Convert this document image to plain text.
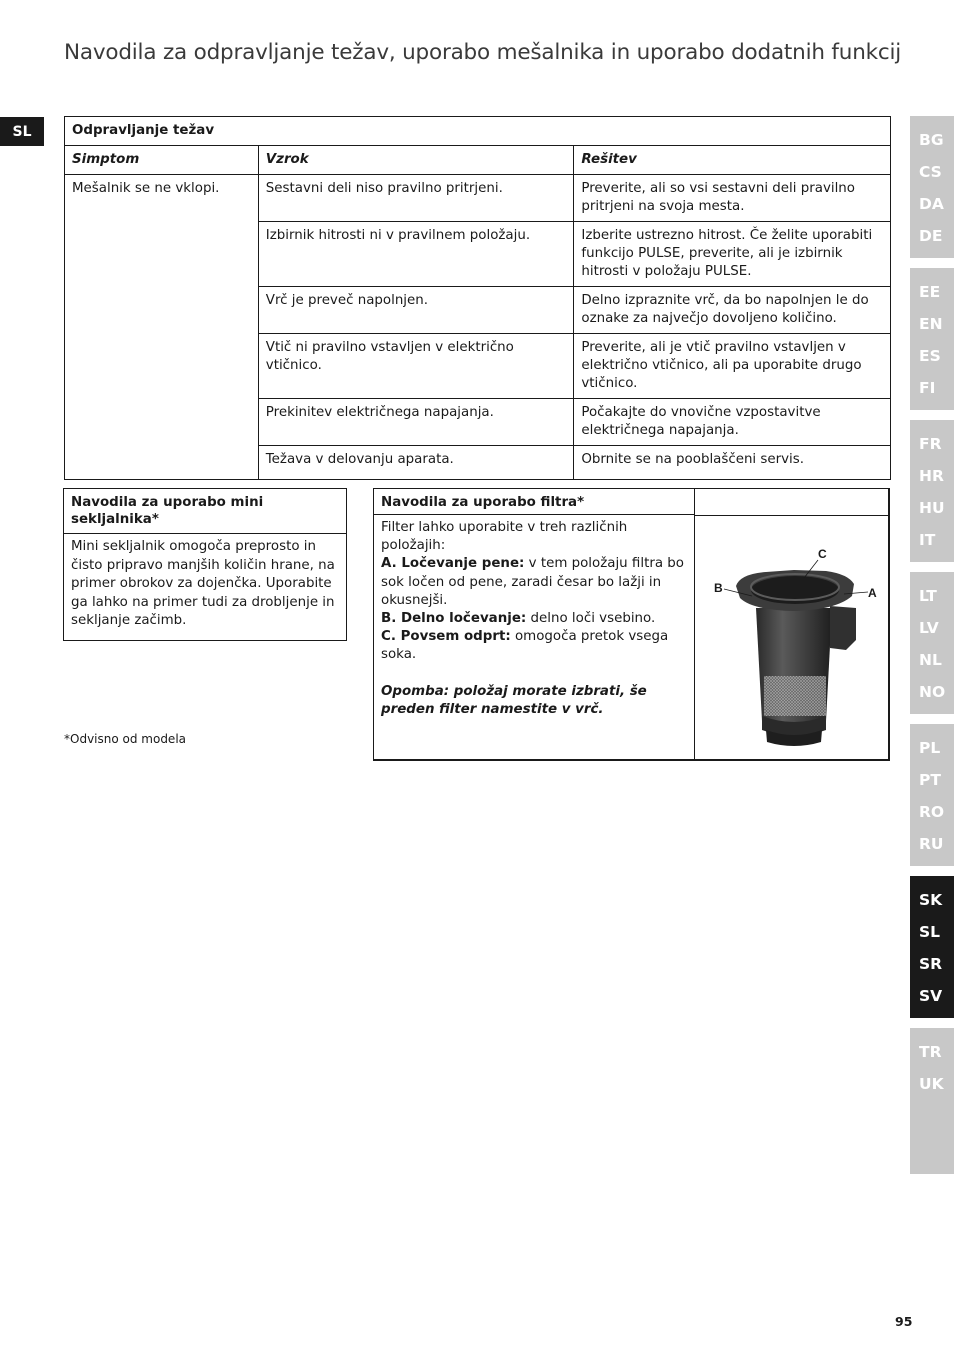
Navodila za odpravljanje težav, uporabo mešalnika in uporabo dodatnih funkcij
SL	Odpravljanje težav		
Simptom	Vzrok	Rešitev
Mešalnik se ne vklopi.	Sestavni deli niso pravilno pritrjeni.	Preverite, ali so vsi sestavni deli pravilno pritrjeni na svoja mesta.
	Izbirnik hitrosti ni v pravilnem položaju.	Izberite ustrezno hitrost. Če želite uporabiti funkcijo PULSE, preverite, ali je izbirnik hitrosti v položaju PULSE.
	Vrč je preveč napolnjen.	Delno izpraznite vrč, da bo napolnjen le do oznake za največjo dovoljeno količino.
	Vtič ni pravilno vstavljen v električno vtičnico.	Preverite, ali je vtič pravilno vstavljen v električno vtičnico, ali pa uporabite drugo vtičnico.
	Prekinitev električnega napajanja.	Počakajte do vnovične vzpostavitve električnega napajanja.
	Težava v delovanju aparata.	Obrnite se na pooblaščeni servis.
Navodila za uporabo mini sekljalnika*
Mini sekljalnik omogoča preprosto in čisto pripravo manjših količin hrane, na primer obrokov za dojenčka. Uporabite ga lahko na primer tudi za drobljenje in sekljanje začimb.
*Odvisno od modela
Navodila za uporabo filtra*
Filter lahko uporabite v treh različnih položajih:
A. Ločevanje pene: v tem položaju filtra bo sok ločen od pene, zaradi česar bo lažji in okusnejši.
B. Delno ločevanje: delno loči vsebino.
C. Povsem odprt: omogoča pretok vsega soka.
Opomba: položaj morate izbrati, še preden filter namestite v vrč.
C
B	A
BG
CS
DA
DE
EE
EN
ES
FI
FR
HR
HU
IT
LT
LV
NL
NO
PL
PT
RO
RU
SK
SL
SR
SV
TR
UK
95
